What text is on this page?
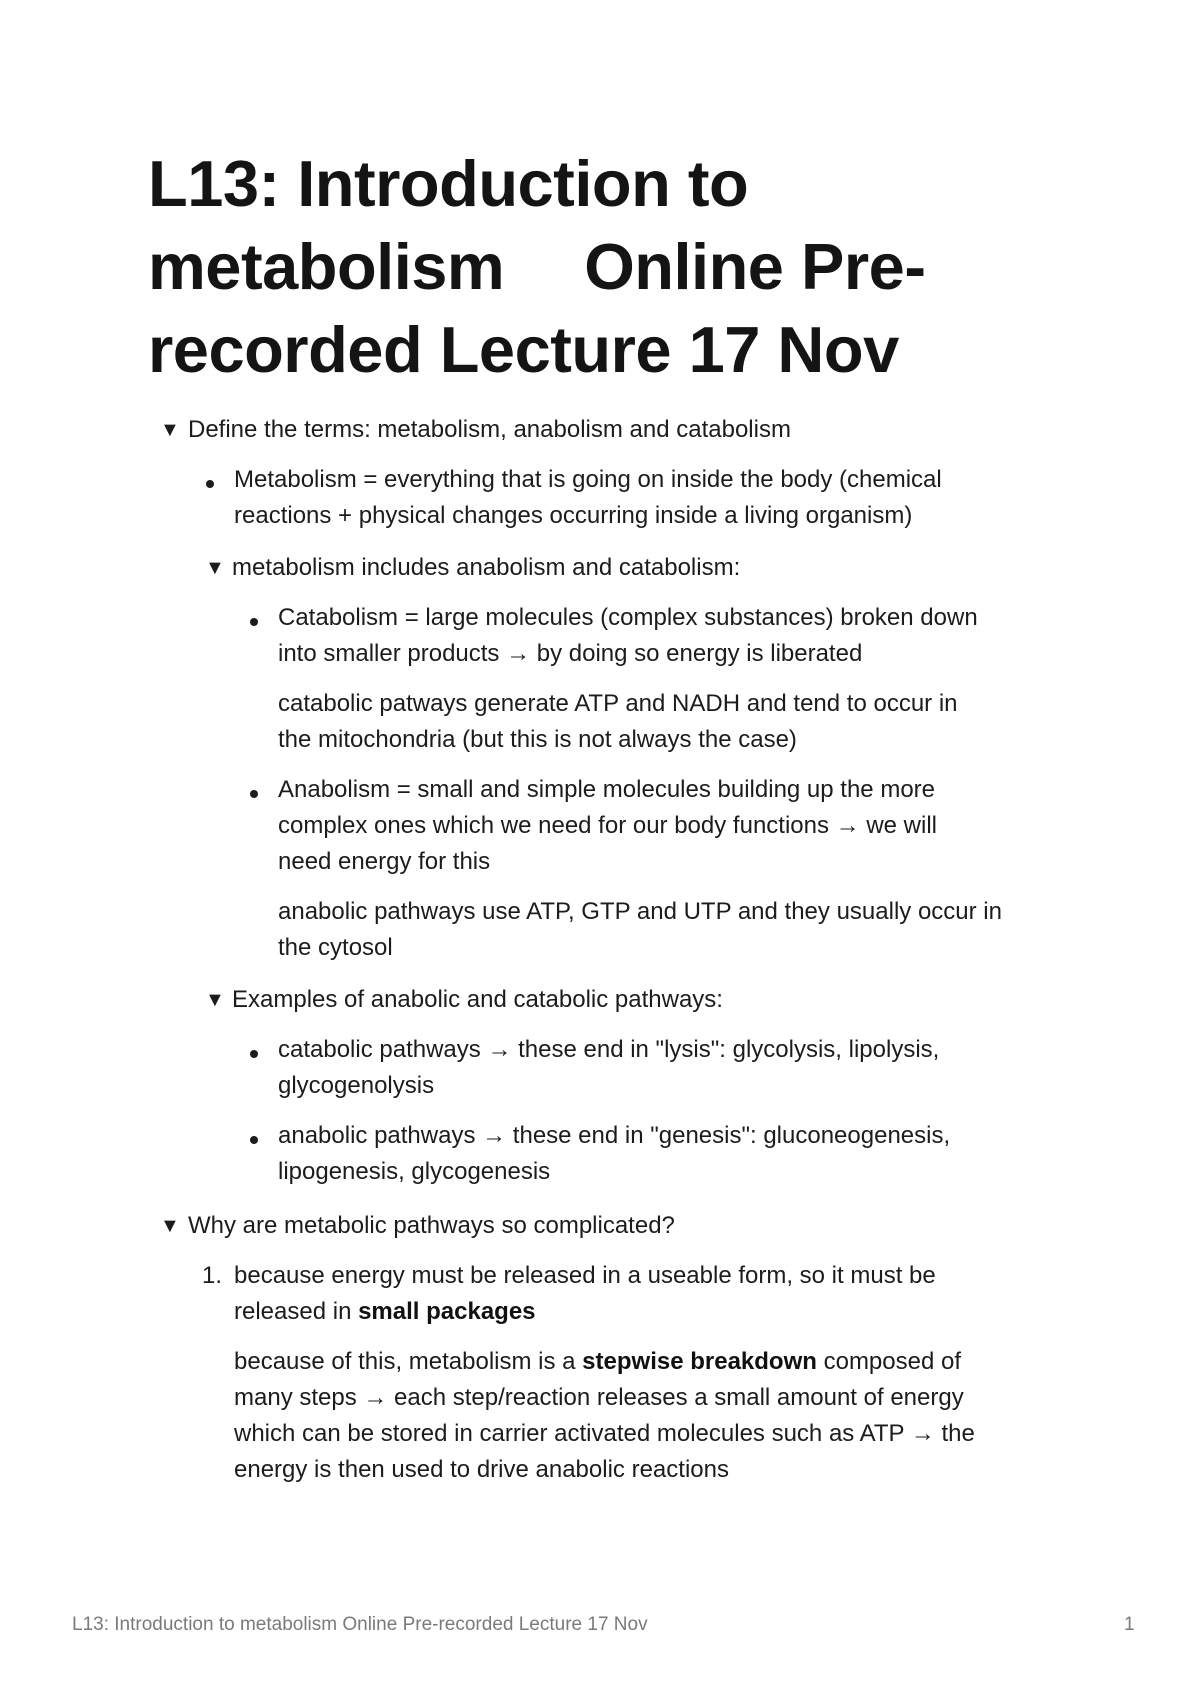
L13: Introduction to
metabolism Online Pre-
recorded Lecture 17 Nov
▼ Define the terms: metabolism, anabolism and catabolism
Metabolism = everything that is going on inside the body (chemical
reactions + physical changes occurring inside a living organism)
▼ metabolism includes anabolism and catabolism:
Catabolism = large molecules (complex substances) broken down
into smaller products → by doing so energy is liberated
catabolic patways generate ATP and NADH and tend to occur in
the mitochondria (but this is not always the case)
Anabolism = small and simple molecules building up the more
complex ones which we need for our body functions → we will
need energy for this
anabolic pathways use ATP, GTP and UTP and they usually occur in
the cytosol
▼ Examples of anabolic and catabolic pathways:
catabolic pathways → these end in "lysis": glycolysis, lipolysis,
glycogenolysis
anabolic pathways → these end in "genesis": gluconeogenesis,
lipogenesis, glycogenesis
▼ Why are metabolic pathways so complicated?
1. because energy must be released in a useable form, so it must be
released in small packages
because of this, metabolism is a stepwise breakdown composed of
many steps → each step/reaction releases a small amount of energy
which can be stored in carrier activated molecules such as ATP → the
energy is then used to drive anabolic reactions
L13: Introduction to metabolism Online Pre-recorded Lecture 17 Nov	1
